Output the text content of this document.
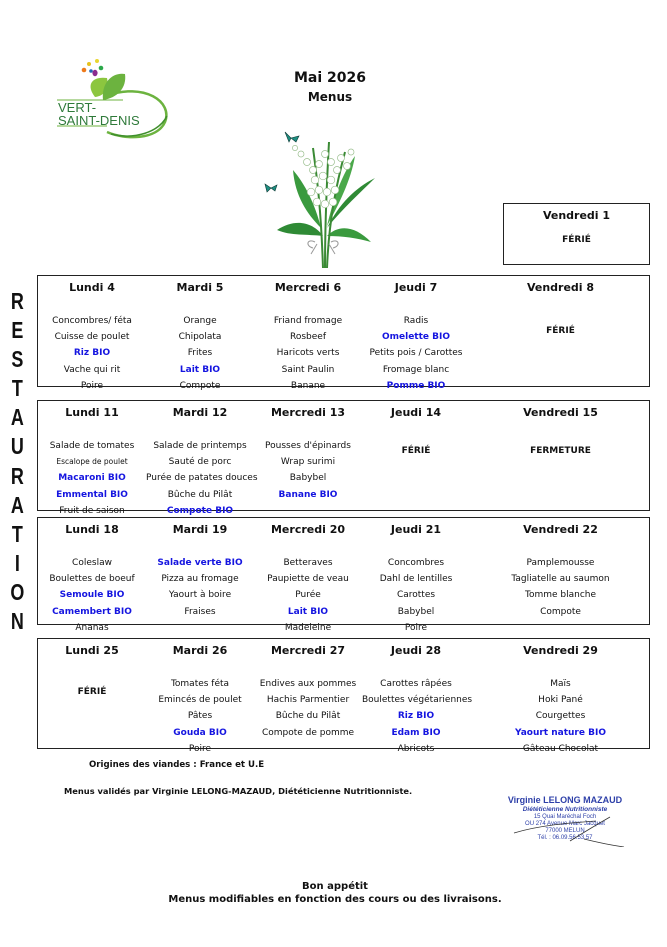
VERT-
SAINT-DENIS
Mai 2026
Menus
R
E
S
T
A
U
R
A
T
I
O
N
Vendredi 1
FÉRIÉ
Lundi 4
Concombres/ féta
Cuisse de poulet
Riz BIO
Vache qui rit
Poire
Mardi 5
Orange
Chipolata
Frites
Lait BIO
Compote
Mercredi 6
Friand fromage
Rosbeef
Haricots verts
Saint Paulin
Banane
Jeudi 7
Radis
Omelette BIO
Petits pois / Carottes
Fromage blanc
Pomme BIO
Vendredi 8
FÉRIÉ
Lundi 11
Salade de tomates
Escalope de poulet
Macaroni BIO
Emmental BIO
Fruit de saison
Mardi 12
Salade de printemps
Sauté de porc
Purée de patates douces
Bûche du Pilât
Compote BIO
Mercredi 13
Pousses d'épinards
Wrap surimi
Babybel
Banane BIO
Jeudi 14
FÉRIÉ
Vendredi 15
FERMETURE
Lundi 18
Coleslaw
Boulettes de boeuf
Semoule BIO
Camembert BIO
Ananas
Mardi 19
Salade verte BIO
Pizza au fromage
Yaourt à boire
Fraises
Mercredi 20
Betteraves
Paupiette de veau
Purée
Lait BIO
Madeleine
Jeudi 21
Concombres
Dahl de lentilles
Carottes
Babybel
Poire
Vendredi 22
Pamplemousse
Tagliatelle au saumon
Tomme blanche
Compote
Lundi 25
FÉRIÉ
Mardi 26
Tomates féta
Emincés de poulet
Pâtes
Gouda BIO
Poire
Mercredi 27
Endives aux pommes
Hachis Parmentier
Bûche du Pilât
Compote de pomme
Jeudi 28
Carottes râpées
Boulettes végétariennes
Riz BIO
Edam BIO
Abricots
Vendredi 29
Maïs
Hoki Pané
Courgettes
Yaourt nature BIO
Gâteau Chocolat
Origines des viandes : France et U.E
Menus validés par Virginie LELONG-MAZAUD, Diététicienne Nutritionniste.
Virginie LELONG MAZAUD
Diététicienne Nutritionniste
15 Quai Maréchal Foch
OU 274 Avenue Marc Jacquet
77000 MELUN
Tél. : 06.09.56.53.57
Bon appétit
Menus modifiables en fonction des cours ou des livraisons.
